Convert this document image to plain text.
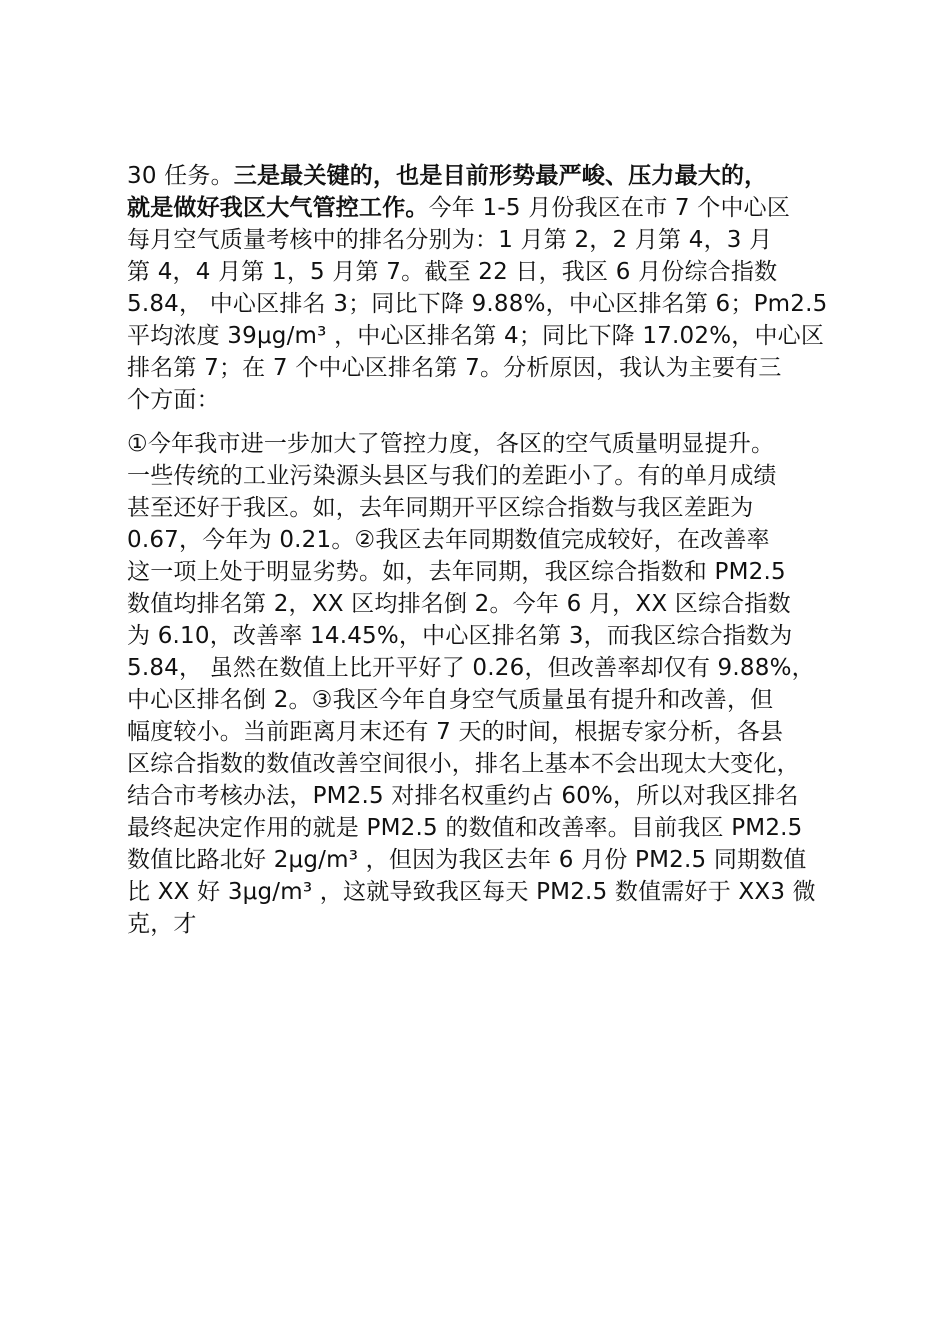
30 任务。三是最关键的，也是目前形势最严峻、压力最大的，
就是做好我区大气管控工作。今年 1-5 月份我区在市 7 个中心区
每月空气质量考核中的排名分别为：1 月第 2，2 月第 4，3 月
第 4，4 月第 1，5 月第 7。截至 22 日，我区 6 月份综合指数
5.84， 中心区排名 3；同比下降 9.88%，中心区排名第 6；Pm2.5
平均浓度 39μg/m³ ，中心区排名第 4；同比下降 17.02%，中心区
排名第 7；在 7 个中心区排名第 7。分析原因，我认为主要有三
个方面：
①今年我市进一步加大了管控力度，各区的空气质量明显提升。
一些传统的工业污染源头县区与我们的差距小了。有的单月成绩
甚至还好于我区。如，去年同期开平区综合指数与我区差距为
0.67，今年为 0.21。②我区去年同期数值完成较好，在改善率
这一项上处于明显劣势。如，去年同期，我区综合指数和 PM2.5
数值均排名第 2，XX 区均排名倒 2。今年 6 月，XX 区综合指数
为 6.10，改善率 14.45%，中心区排名第 3，而我区综合指数为
5.84， 虽然在数值上比开平好了 0.26，但改善率却仅有 9.88%，
中心区排名倒 2。③我区今年自身空气质量虽有提升和改善，但
幅度较小。当前距离月末还有 7 天的时间，根据专家分析，各县
区综合指数的数值改善空间很小，排名上基本不会出现太大变化，
结合市考核办法，PM2.5 对排名权重约占 60%，所以对我区排名
最终起决定作用的就是 PM2.5 的数值和改善率。目前我区 PM2.5
数值比路北好 2μg/m³ ，但因为我区去年 6 月份 PM2.5 同期数值
比 XX 好 3μg/m³ ，这就导致我区每天 PM2.5 数值需好于 XX3 微
克，才
